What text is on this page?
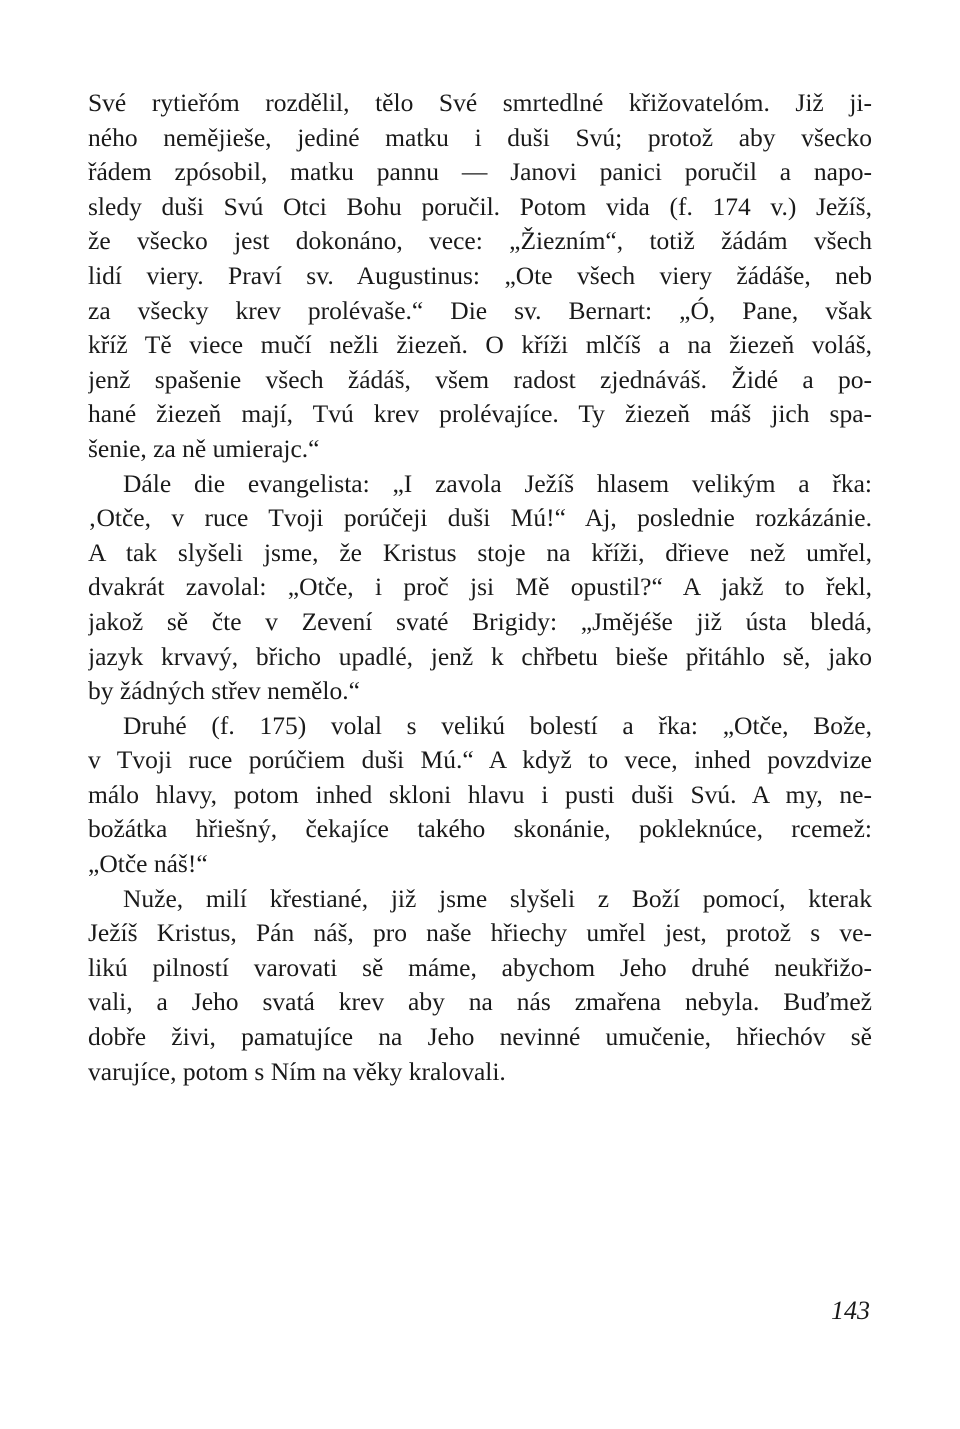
Své rytieřóm rozdělil, tělo Své smrtedlné křižovatelóm. Již ji-
ného nemějieše, jediné matku i duši Svú; protož aby všecko
řádem zpósobil, matku pannu — Janovi panici poručil a napo-
sledy duši Svú Otci Bohu poručil. Potom vida (f. 174 v.) Ježíš,
že všecko jest dokonáno, vece: „Žiezním“, totiž žádám všech
lidí viery. Praví sv. Augustinus: „Ote všech viery žádáše, neb
za všecky krev prolévaše.“ Die sv. Bernart: „Ó, Pane, však
kříž Tě viece mučí nežli žiezeň. O kříži mlčíš a na žiezeň voláš,
jenž spašenie všech žádáš, všem radost zjednáváš. Židé a po-
hané žiezeň mají, Tvú krev prolévajíce. Ty žiezeň máš jich spa-
šenie, za ně umierajc.“
Dále die evangelista: „I zavola Ježíš hlasem velikým a řka:
‚Otče, v ruce Tvoji porúčeji duši Mú!“ Aj, poslednie rozkázánie.
A tak slyšeli jsme, že Kristus stoje na kříži, dřieve než umřel,
dvakrát zavolal: „Otče, i proč jsi Mě opustil?“ A jakž to řekl,
jakož sě čte v Zevení svaté Brigidy: „Jmějéše již ústa bledá,
jazyk krvavý, břicho upadlé, jenž k chřbetu bieše přitáhlo sě, jako
by žádných střev nemělo.“
Druhé (f. 175) volal s velikú bolestí a řka: „Otče, Bože,
v Tvoji ruce porúčiem duši Mú.“ A když to vece, inhed povzdvize
málo hlavy, potom inhed skloni hlavu i pusti duši Svú. A my, ne-
božátka hřiešný, čekajíce takého skonánie, pokleknúce, rcemež:
„Otče náš!“
Nuže, milí křestiané, již jsme slyšeli z Boží pomocí, kterak
Ježíš Kristus, Pán náš, pro naše hřiechy umřel jest, protož s ve-
likú pilností varovati sě máme, abychom Jeho druhé neukřižo-
vali, a Jeho svatá krev aby na nás zmařena nebyla. Buďmež
dobře živi, pamatujíce na Jeho nevinné umučenie, hřiechóv sě
varujíce, potom s Ním na věky kralovali.
143
